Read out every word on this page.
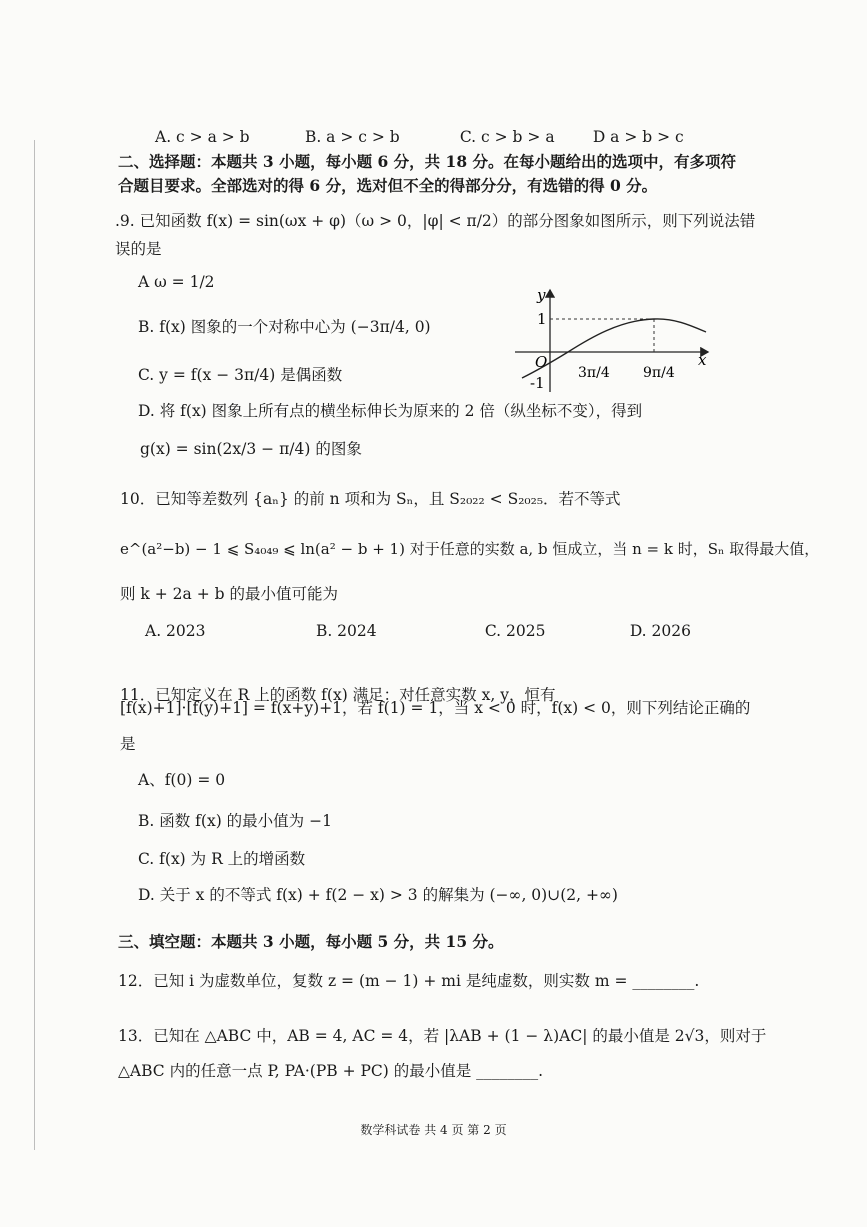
A. c > a > b	B. a > c > b	C. c > b > a D a > b > c
二、选择题：本题共 3 小题，每小题 6 分，共 18 分。在每小题给出的选项中，有多项符
合题目要求。全部选对的得 6 分，选对但不全的得部分分，有选错的得 0 分。
.9. 已知函数 f(x) = sin(ωx + φ)（ω > 0，|φ| < π/2）的部分图象如图所示，则下列说法错
误的是
A ω = 1/2
B. f(x) 图象的一个对称中心为 (−3π/4, 0)
C. y = f(x − 3π/4) 是偶函数
D. 将 f(x) 图象上所有点的横坐标伸长为原来的 2 倍（纵坐标不变），得到
g(x) = sin(2x/3 − π/4) 的图象
y
x
O
1
-1
3π/4 9π/4
10．已知等差数列 {aₙ} 的前 n 项和为 Sₙ，且 S₂₀₂₂ < S₂₀₂₅．若不等式
e^(a²−b) − 1 ⩽ S₄₀₄₉ ⩽ ln(a² − b + 1) 对于任意的实数 a, b 恒成立，当 n = k 时，Sₙ 取得最大值，
则 k + 2a + b 的最小值可能为
A. 2023	B. 2024	C. 2025	D. 2026
11．已知定义在 R 上的函数 f(x) 满足：对任意实数 x, y，恒有
[f(x)+1]·[f(y)+1] = f(x+y)+1，若 f(1) = 1，当 x < 0 时，f(x) < 0，则下列结论正确的
是
A、f(0) = 0
B. 函数 f(x) 的最小值为 −1
C. f(x) 为 R 上的增函数
D. 关于 x 的不等式 f(x) + f(2 − x) > 3 的解集为 (−∞, 0)∪(2, +∞)
三、填空题：本题共 3 小题，每小题 5 分，共 15 分。
12．已知 i 为虚数单位，复数 z = (m − 1) + mi 是纯虚数，则实数 m = ________.
13．已知在 △ABC 中，AB = 4, AC = 4，若 |λAB + (1 − λ)AC| 的最小值是 2√3，则对于
△ABC 内的任意一点 P, PA·(PB + PC) 的最小值是 ________.
数学科试卷 共 4 页 第 2 页
